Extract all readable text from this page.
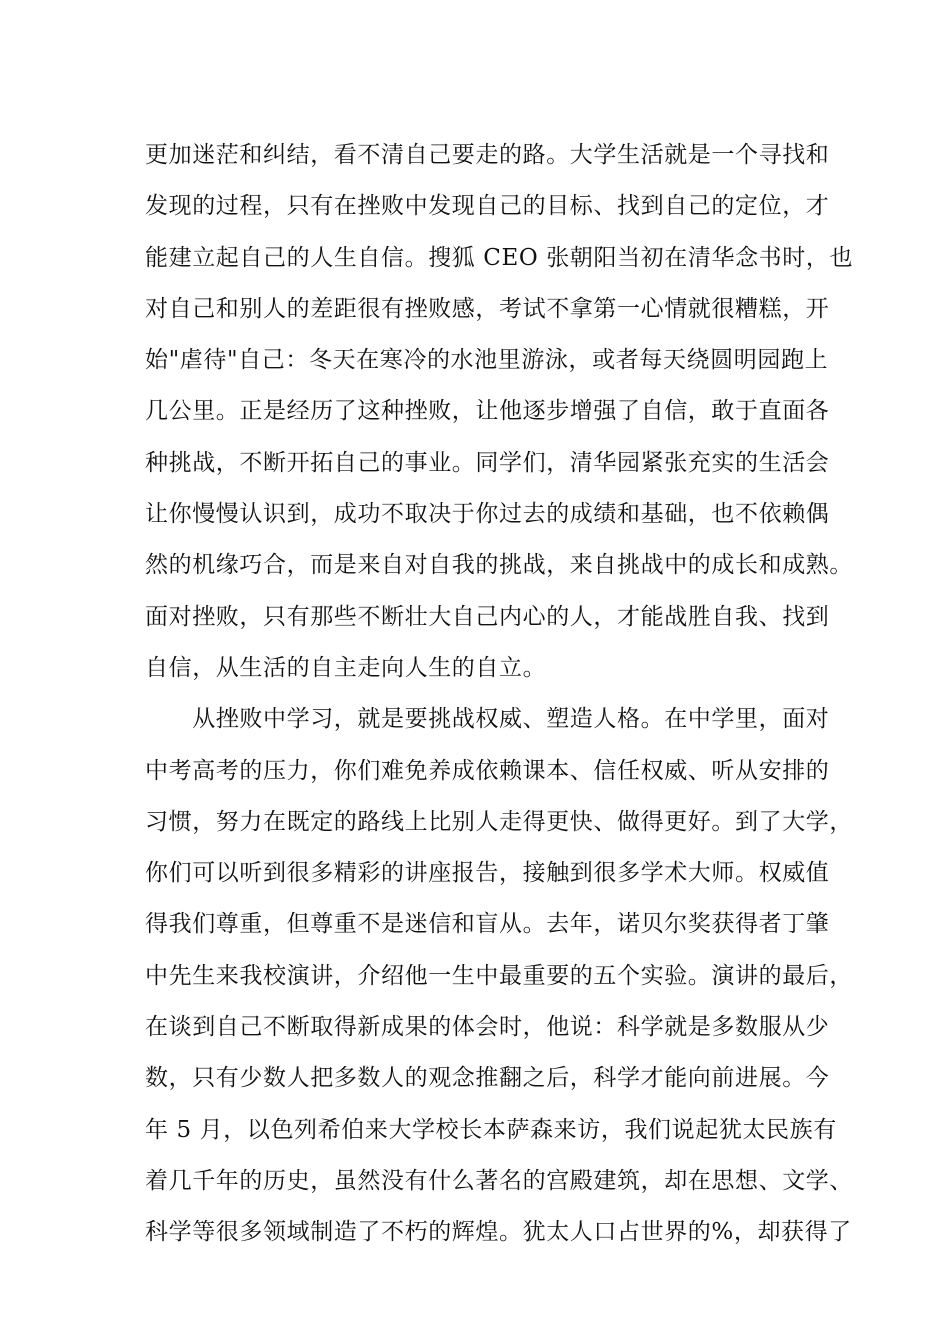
更加迷茫和纠结，看不清自己要走的路。大学生活就是一个寻找和
发现的过程，只有在挫败中发现自己的目标、找到自己的定位，才
能建立起自己的人生自信。搜狐 CEO 张朝阳当初在清华念书时，也
对自己和别人的差距很有挫败感，考试不拿第一心情就很糟糕，开
始"虐待"自己：冬天在寒冷的水池里游泳，或者每天绕圆明园跑上
几公里。正是经历了这种挫败，让他逐步增强了自信，敢于直面各
种挑战，不断开拓自己的事业。同学们，清华园紧张充实的生活会
让你慢慢认识到，成功不取决于你过去的成绩和基础，也不依赖偶
然的机缘巧合，而是来自对自我的挑战，来自挑战中的成长和成熟。
面对挫败，只有那些不断壮大自己内心的人，才能战胜自我、找到
自信，从生活的自主走向人生的自立。
　　从挫败中学习，就是要挑战权威、塑造人格。在中学里，面对
中考高考的压力，你们难免养成依赖课本、信任权威、听从安排的
习惯，努力在既定的路线上比别人走得更快、做得更好。到了大学，
你们可以听到很多精彩的讲座报告，接触到很多学术大师。权威值
得我们尊重，但尊重不是迷信和盲从。去年，诺贝尔奖获得者丁肇
中先生来我校演讲，介绍他一生中最重要的五个实验。演讲的最后，
在谈到自己不断取得新成果的体会时，他说：科学就是多数服从少
数，只有少数人把多数人的观念推翻之后，科学才能向前进展。今
年 5 月，以色列希伯来大学校长本萨森来访，我们说起犹太民族有
着几千年的历史，虽然没有什么著名的宫殿建筑，却在思想、文学、
科学等很多领域制造了不朽的辉煌。犹太人口占世界的%，却获得了
